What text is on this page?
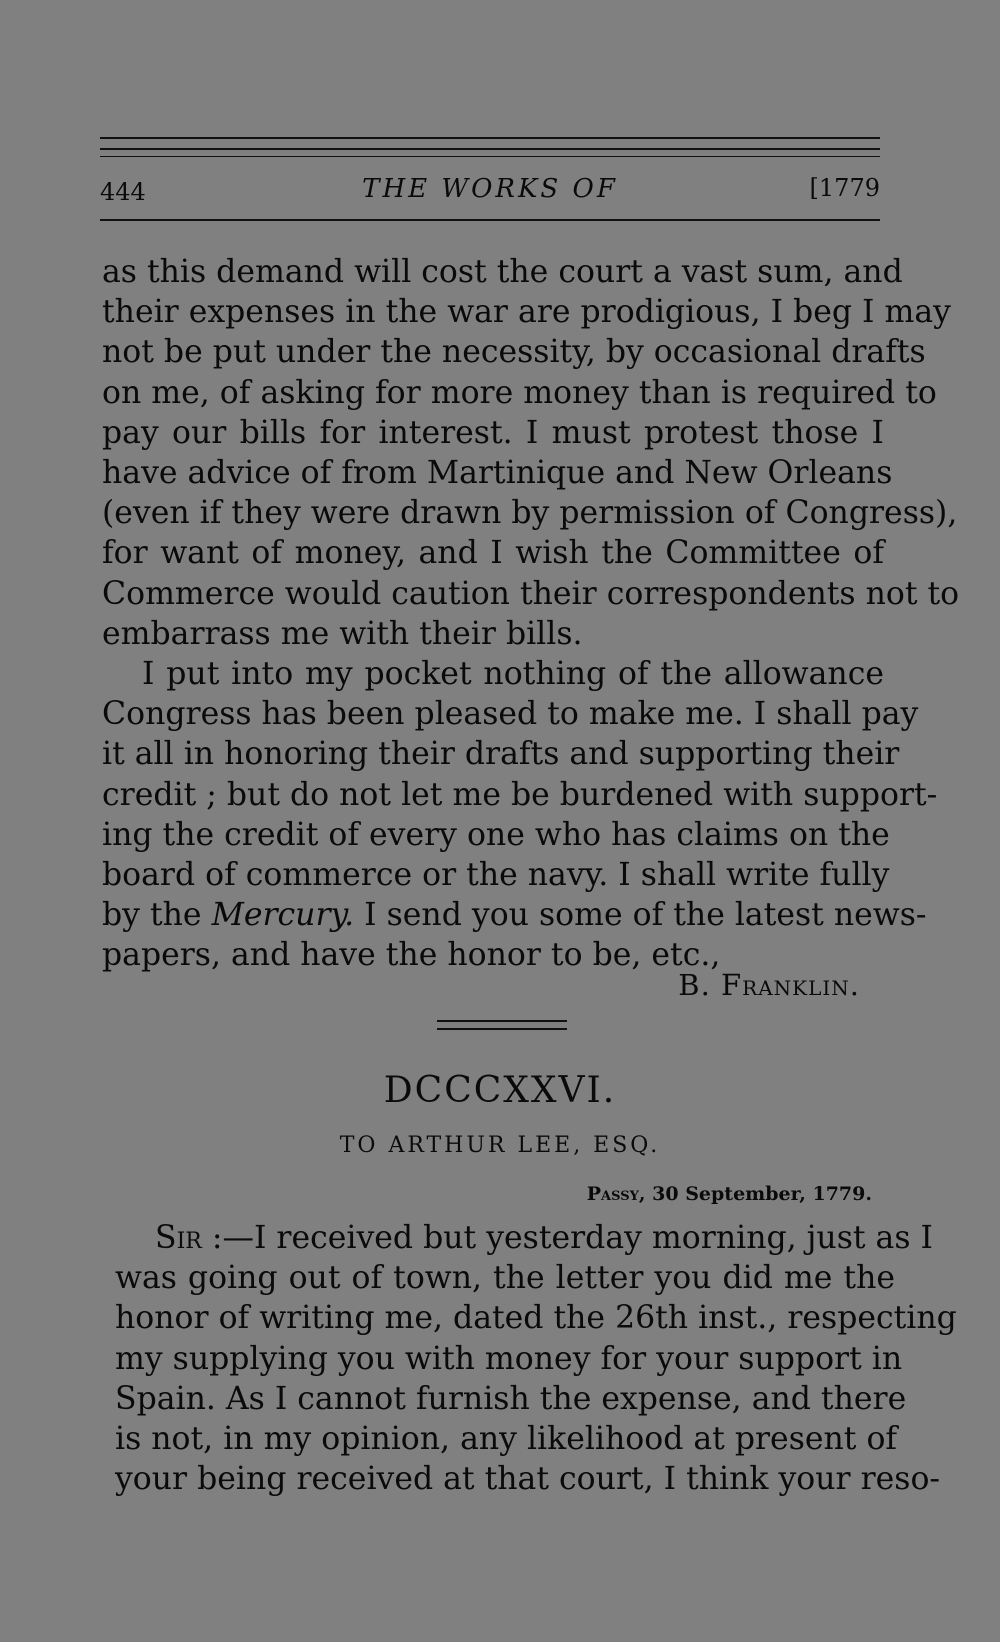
444	THE WORKS OF	[1779
as this demand will cost the court a vast sum, and
their expenses in the war are prodigious, I beg I may
not be put under the necessity, by occasional drafts
on me, of asking for more money than is required to
pay our bills for interest. I must protest those I
have advice of from Martinique and New Orleans
(even if they were drawn by permission of Congress),
for want of money, and I wish the Committee of
Commerce would caution their correspondents not to
embarrass me with their bills.
I put into my pocket nothing of the allowance
Congress has been pleased to make me. I shall pay
it all in honoring their drafts and supporting their
credit ; but do not let me be burdened with support-
ing the credit of every one who has claims on the
board of commerce or the navy. I shall write fully
by the Mercury. I send you some of the latest news-
papers, and have the honor to be, etc.,
B. Franklin.
DCCCXXVI.
TO ARTHUR LEE, ESQ.
Passy, 30 September, 1779.
Sir :—I received but yesterday morning, just as I
was going out of town, the letter you did me the
honor of writing me, dated the 26th inst., respecting
my supplying you with money for your support in
Spain. As I cannot furnish the expense, and there
is not, in my opinion, any likelihood at present of
your being received at that court, I think your reso-
